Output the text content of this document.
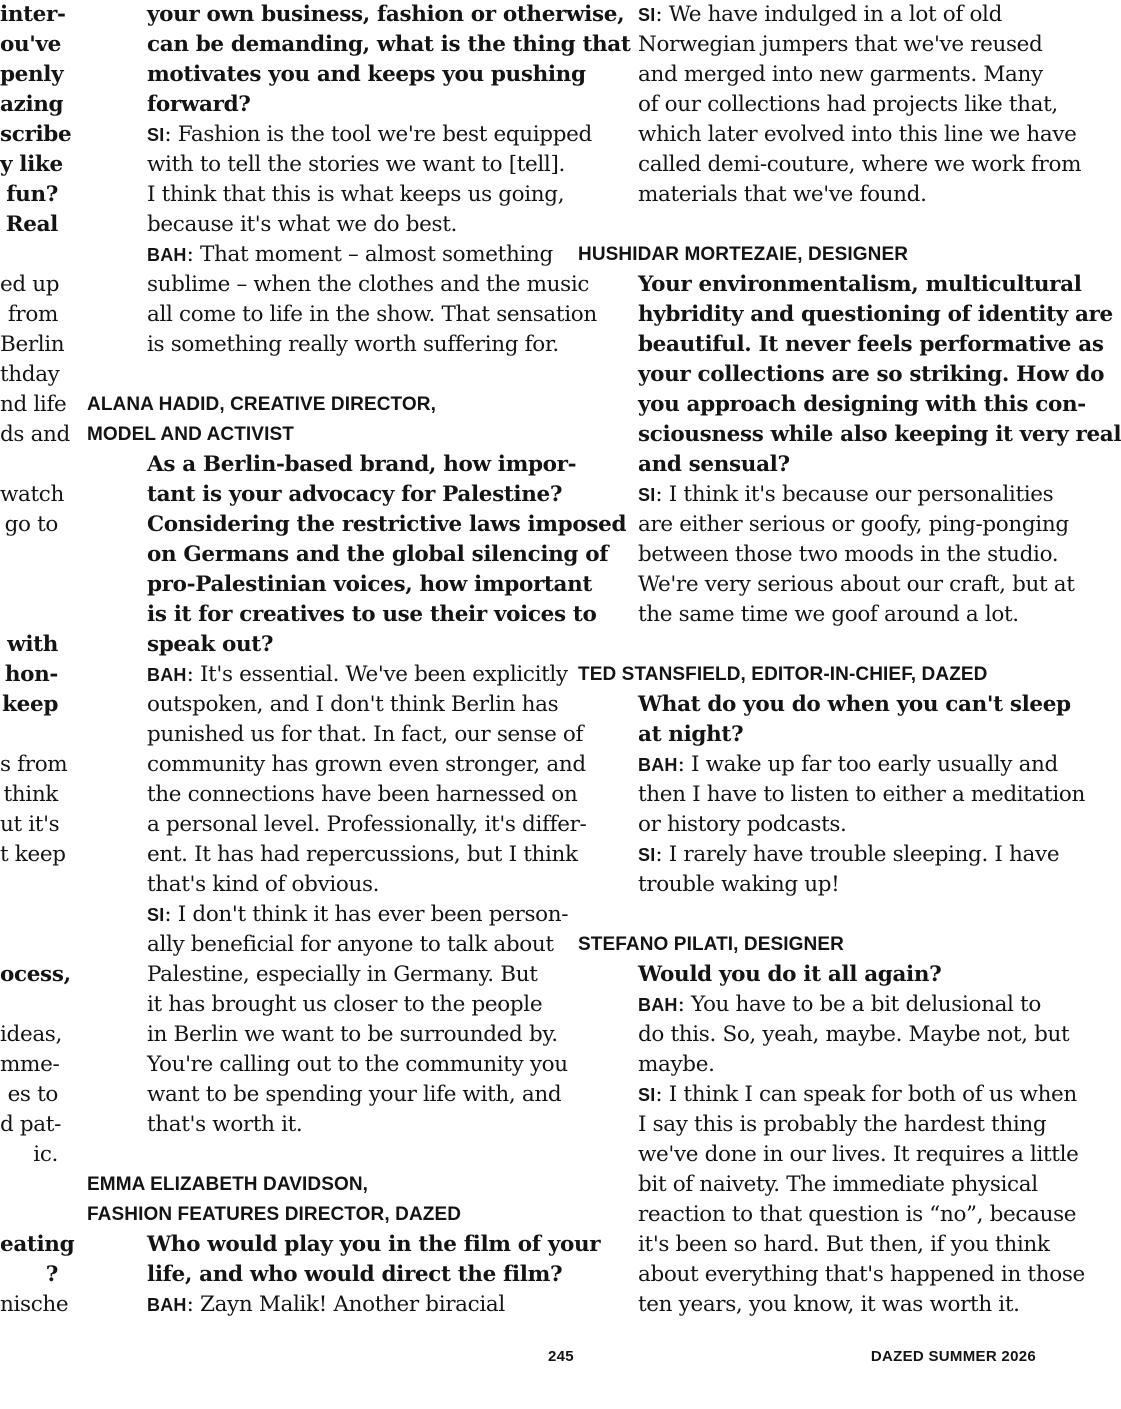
inter-
ou've
penly
azing
scribe
y like
fun?
Real
ed up
from
Berlin
thday
nd life
ds and
watch
go to
with
hon-
keep
s from
think
ut it's
t keep
ocess,
ideas,
mme-
es to
d pat-
ic.
eating
?
nische
your own business, fashion or otherwise,
can be demanding, what is the thing that
motivates you and keeps you pushing
forward?
SI: Fashion is the tool we're best equipped
with to tell the stories we want to [tell].
I think that this is what keeps us going,
because it's what we do best.
BAH: That moment – almost something
sublime – when the clothes and the music
all come to life in the show. That sensation
is something really worth suffering for.
ALANA HADID, CREATIVE DIRECTOR,
MODEL AND ACTIVIST
As a Berlin-based brand, how impor-
tant is your advocacy for Palestine?
Considering the restrictive laws imposed
on Germans and the global silencing of
pro-Palestinian voices, how important
is it for creatives to use their voices to
speak out?
BAH: It's essential. We've been explicitly
outspoken, and I don't think Berlin has
punished us for that. In fact, our sense of
community has grown even stronger, and
the connections have been harnessed on
a personal level. Professionally, it's differ-
ent. It has had repercussions, but I think
that's kind of obvious.
SI: I don't think it has ever been person-
ally beneficial for anyone to talk about
Palestine, especially in Germany. But
it has brought us closer to the people
in Berlin we want to be surrounded by.
You're calling out to the community you
want to be spending your life with, and
that's worth it.
EMMA ELIZABETH DAVIDSON,
FASHION FEATURES DIRECTOR, DAZED
Who would play you in the film of your
life, and who would direct the film?
BAH: Zayn Malik! Another biracial
SI: We have indulged in a lot of old
Norwegian jumpers that we've reused
and merged into new garments. Many
of our collections had projects like that,
which later evolved into this line we have
called demi-couture, where we work from
materials that we've found.
HUSHIDAR MORTEZAIE, DESIGNER
Your environmentalism, multicultural
hybridity and questioning of identity are
beautiful. It never feels performative as
your collections are so striking. How do
you approach designing with this con-
sciousness while also keeping it very real
and sensual?
SI: I think it's because our personalities
are either serious or goofy, ping-ponging
between those two moods in the studio.
We're very serious about our craft, but at
the same time we goof around a lot.
TED STANSFIELD, EDITOR-IN-CHIEF, DAZED
What do you do when you can't sleep
at night?
BAH: I wake up far too early usually and
then I have to listen to either a meditation
or history podcasts.
SI: I rarely have trouble sleeping. I have
trouble waking up!
STEFANO PILATI, DESIGNER
Would you do it all again?
BAH: You have to be a bit delusional to
do this. So, yeah, maybe. Maybe not, but
maybe.
SI: I think I can speak for both of us when
I say this is probably the hardest thing
we've done in our lives. It requires a little
bit of naivety. The immediate physical
reaction to that question is “no”, because
it's been so hard. But then, if you think
about everything that's happened in those
ten years, you know, it was worth it.
245	DAZED SUMMER 2026
